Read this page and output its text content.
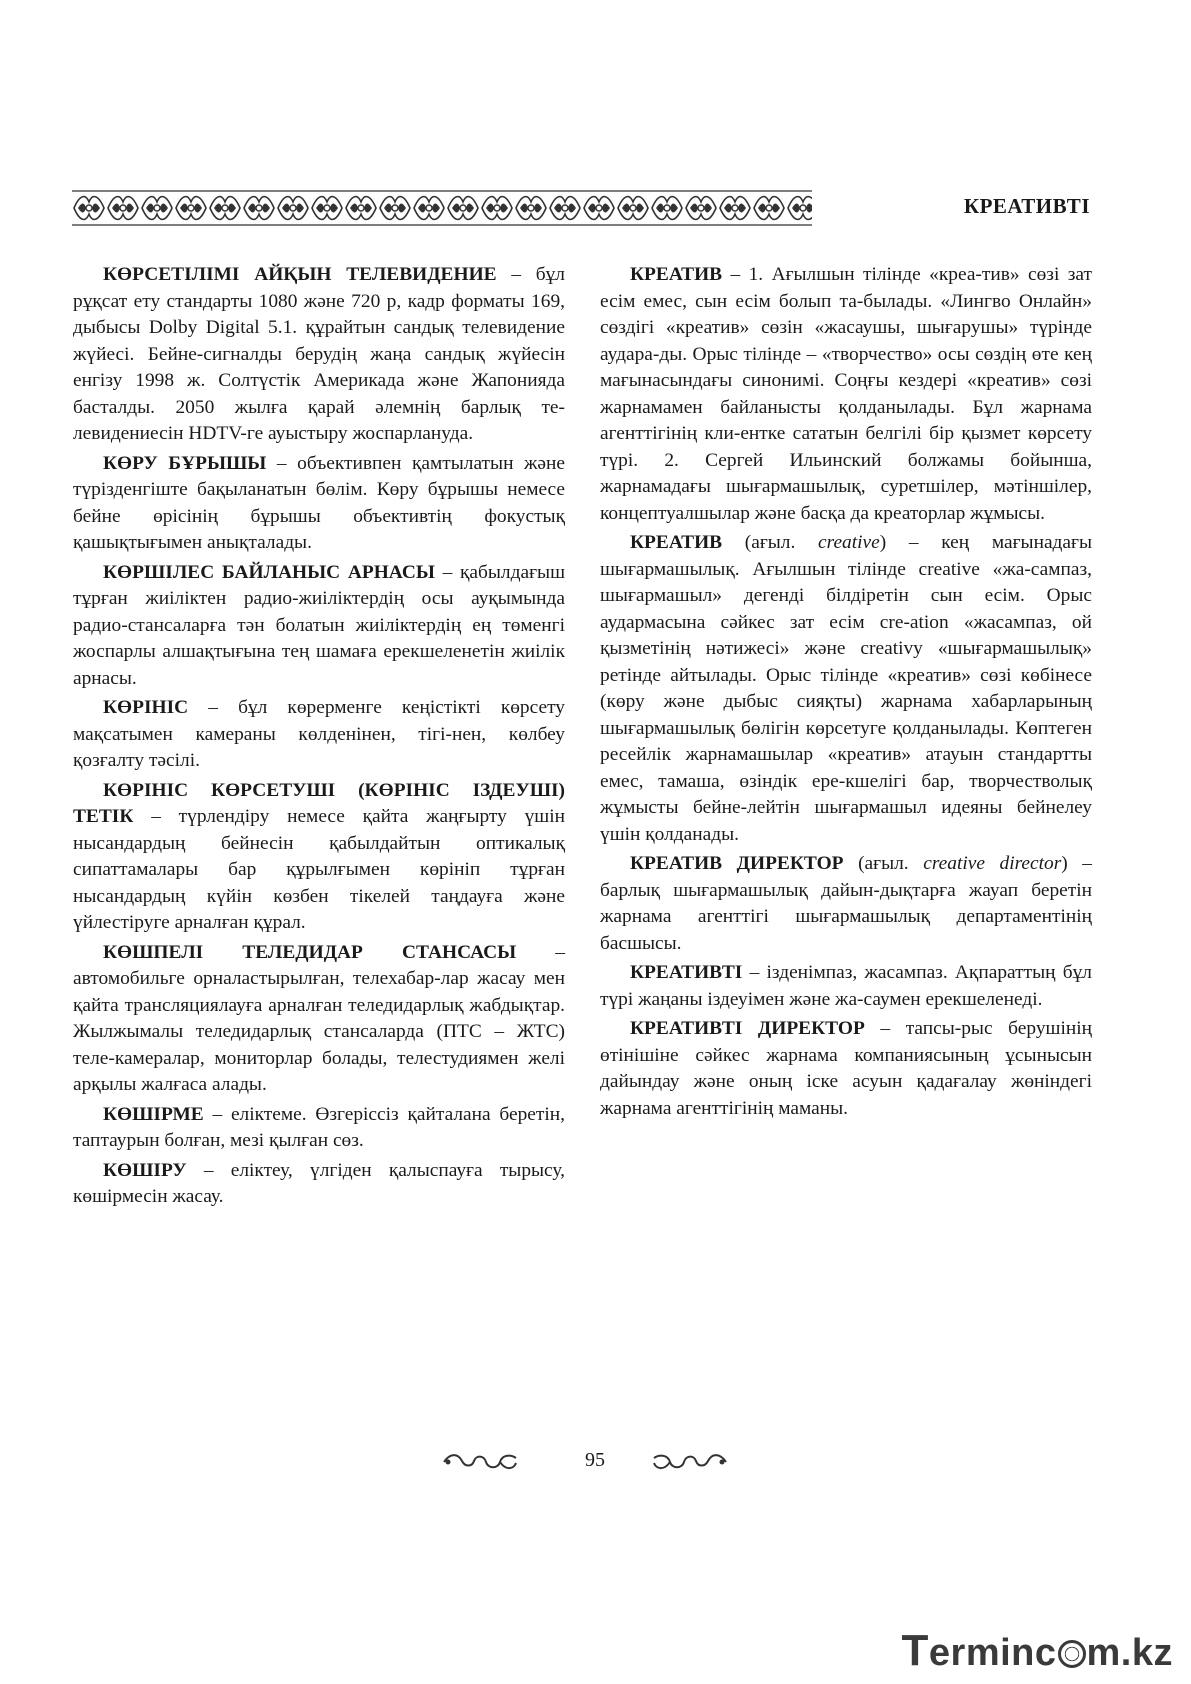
КРЕАТИВТІ

КӨРСЕТІЛІМІ АЙҚЫН ТЕЛЕВИДЕНИЕ – бұл рұқсат ету стандарты 1080 және 720 р, кадр форматы 169, дыбысы Dolby Digital 5.1. құрайтын сандық телевидение жүйесі. Бейне-сигналды берудің жаңа сандық жүйесін енгізу 1998 ж. Солтүстік Америкада және Жапонияда басталды. 2050 жылға қарай әлемнің барлық те-левидениесін HDTV-ге ауыстыру жоспарлануда.

КӨРУ БҰРЫШЫ – объективпен қамтылатын және түрізденгіште бақыланатын бөлім. Көру бұрышы немесе бейне өрісінің бұрышы объективтің фокустық қашықтығымен анықталады.

КӨРШІЛЕС БАЙЛАНЫС АРНАСЫ – қабылдағыш тұрған жиіліктен радио-жиіліктердің осы ауқымында радио-стансаларға тән болатын жиіліктердің ең төменгі жоспарлы алшақтығына тең шамаға ерекшеленетін жиілік арнасы.

КӨРІНІС – бұл көрерменге кеңістікті көрсету мақсатымен камераны көлденінен, тігі-нен, көлбеу қозғалту тәсілі.

КӨРІНІС КӨРСЕТУШІ (КӨРІНІС ІЗДЕУШІ) ТЕТІК – түрлендіру немесе қайта жаңғырту үшін нысандардың бейнесін қабылдайтын оптикалық сипаттамалары бар құрылғымен көрініп тұрған нысандардың күйін көзбен тікелей таңдауға және үйлестіруге арналған құрал.

КӨШПЕЛІ ТЕЛЕДИДАР СТАНСАСЫ – автомобильге орналастырылған, телехабар-лар жасау мен қайта трансляциялауға арналған теледидарлық жабдықтар. Жылжымалы теледидарлық стансаларда (ПТС – ЖТС) теле-камералар, мониторлар болады, телестудиямен желі арқылы жалғаса алады.

КӨШІРМЕ – еліктеме. Өзгеріссіз қайталана беретін, таптаурын болған, мезі қылған сөз.

КӨШІРУ – еліктеу, үлгіден қалыспауға тырысу, көшірмесін жасау.

КРЕАТИВ – 1. Ағылшын тілінде «креа-тив» сөзі зат есім емес, сын есім болып та-былады. «Лингво Онлайн» сөздігі «креатив» сөзін «жасаушы, шығарушы» түрінде аудара-ды. Орыс тілінде – «творчество» осы сөздің өте кең мағынасындағы синонимі. Соңғы кездері «креатив» сөзі жарнамамен байланысты қолданылады. Бұл жарнама агенттігінің кли-ентке сататын белгілі бір қызмет көрсету түрі. 2. Сергей Ильинский болжамы бойынша, жарнамадағы шығармашылық, суретшілер, мәтіншілер, концептуалшылар және басқа да креаторлар жұмысы.

КРЕАТИВ (ағыл. creative) – кең мағынадағы шығармашылық. Ағылшын тілінде creative «жа-сампаз, шығармашыл» дегенді білдіретін сын есім. Орыс аудармасына сәйкес зат есім cre-ation «жасампаз, ой қызметінің нәтижесі» және creativy «шығармашылық» ретінде айтылады. Орыс тілінде «креатив» сөзі көбінесе (көру және дыбыс сияқты) жарнама хабарларының шығармашылық бөлігін көрсетуге қолданылады. Көптеген ресейлік жарнамашылар «креатив» атауын стандартты емес, тамаша, өзіндік ере-кшелігі бар, творчестволық жұмысты бейне-лейтін шығармашыл идеяны бейнелеу үшін қолданады.

КРЕАТИВ ДИРЕКТОР (ағыл. creative director) – барлық шығармашылық дайын-дықтарға жауап беретін жарнама агенттігі шығармашылық департаментінің басшысы.

КРЕАТИВТІ – ізденімпаз, жасампаз. Ақпараттың бұл түрі жаңаны іздеуімен және жа-саумен ерекшеленеді.

КРЕАТИВТІ ДИРЕКТОР – тапсы-рыс берушінің өтінішіне сәйкес жарнама компаниясының ұсынысын дайындау және оның іске асуын қадағалау жөніндегі жарнама агенттігінің маманы.

95
Terminc m.kz
